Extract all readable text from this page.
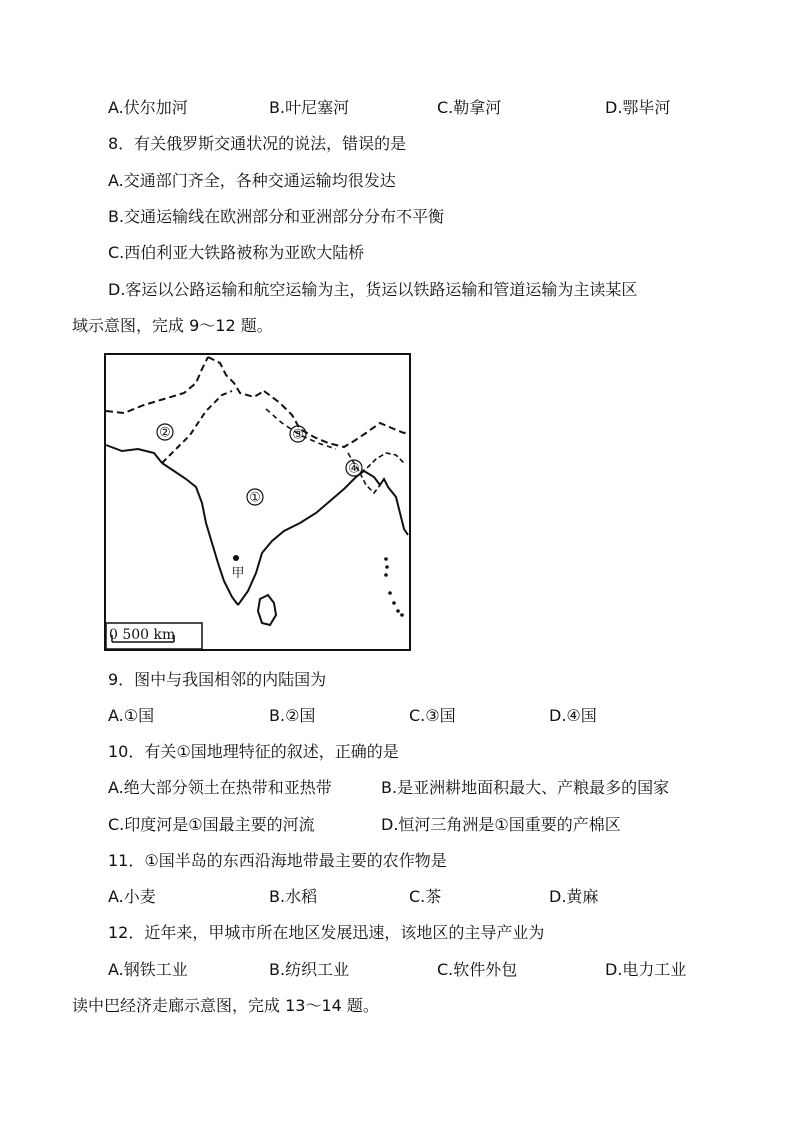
A.伏尔加河	B.叶尼塞河	C.勒拿河	D.鄂毕河
8．有关俄罗斯交通状况的说法，错误的是
A.交通部门齐全，各种交通运输均很发达
B.交通运输线在欧洲部分和亚洲部分分布不平衡
C.西伯利亚大铁路被称为亚欧大陆桥
D.客运以公路运输和航空运输为主，货运以铁路运输和管道运输为主读某区
域示意图，完成 9～12 题。
②	③
①
④
甲
0 500 km
9．图中与我国相邻的内陆国为
A.①国	B.②国	C.③国	D.④国
10．有关①国地理特征的叙述，正确的是
A.绝大部分领土在热带和亚热带	B.是亚洲耕地面积最大、产粮最多的国家
C.印度河是①国最主要的河流	D.恒河三角洲是①国重要的产棉区
11．①国半岛的东西沿海地带最主要的农作物是
A.小麦	B.水稻	C.茶	D.黄麻
12．近年来，甲城市所在地区发展迅速，该地区的主导产业为
A.钢铁工业	B.纺织工业	C.软件外包	D.电力工业
读中巴经济走廊示意图，完成 13～14 题。
